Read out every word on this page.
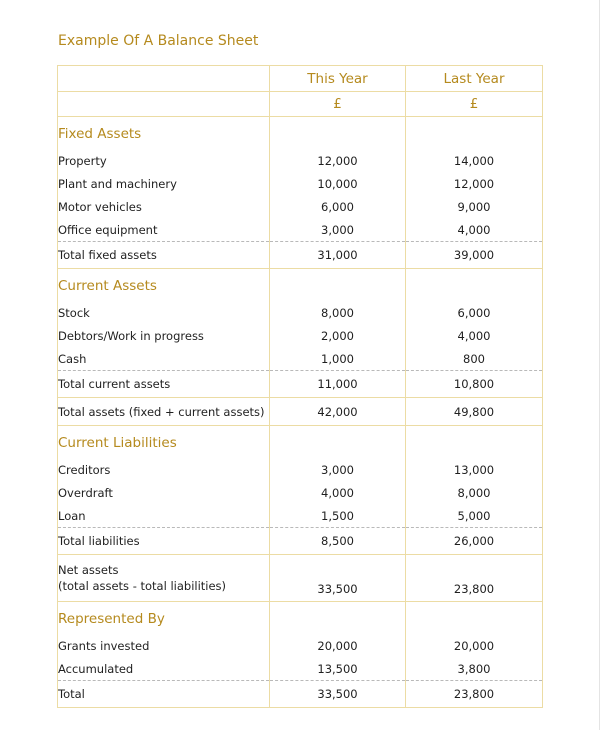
Example Of A Balance Sheet
	This Year	Last Year
	£	£
Fixed Assets		
Property	12,000	14,000
Plant and machinery	10,000	12,000
Motor vehicles	6,000	9,000
Office equipment	3,000	4,000
Total fixed assets	31,000	39,000
Current Assets		
Stock	8,000	6,000
Debtors/Work in progress	2,000	4,000
Cash	1,000	800
Total current assets	11,000	10,800
Total assets (fixed + current assets)	42,000	49,800
Current Liabilities		
Creditors	3,000	13,000
Overdraft	4,000	8,000
Loan	1,500	5,000
Total liabilities	8,500	26,000

Net assets
(total assets - total liabilities)	33,500	23,800
Represented By		
Grants invested	20,000	20,000
Accumulated	13,500	3,800
Total	33,500	23,800
